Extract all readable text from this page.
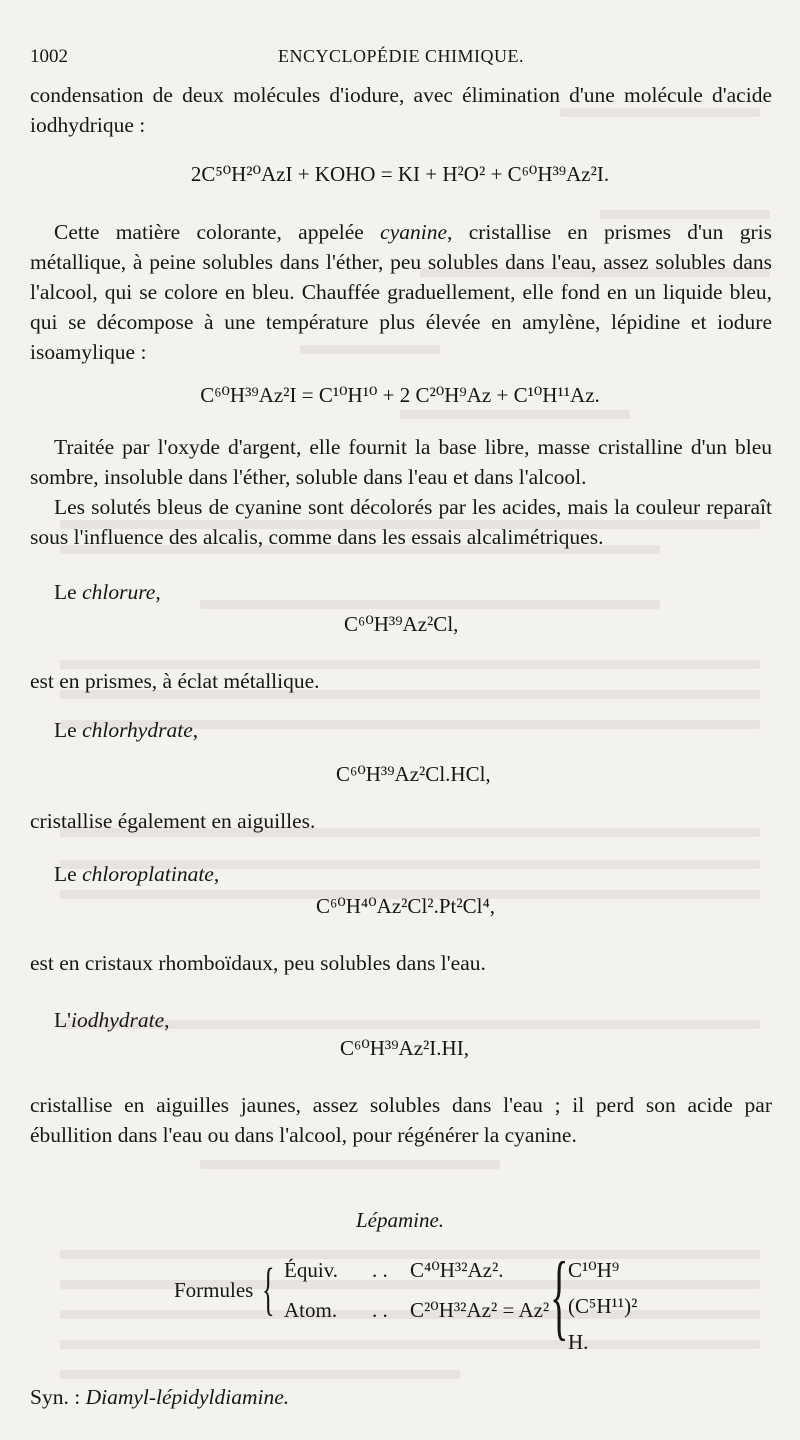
1002	ENCYCLOPÉDIE CHIMIQUE.

condensation de deux molécules d'iodure, avec élimination d'une molécule d'acide iodhydrique :

2C⁵⁰H²⁰AzI + KOHO = KI + H²O² + C⁶⁰H³⁹Az²I.

Cette matière colorante, appelée cyanine, cristallise en prismes d'un gris métallique, à peine solubles dans l'éther, peu solubles dans l'eau, assez solubles dans l'alcool, qui se colore en bleu. Chauffée graduellement, elle fond en un liquide bleu, qui se décompose à une température plus élevée en amylène, lépidine et iodure isoamylique :

C⁶⁰H³⁹Az²I = C¹⁰H¹⁰ + 2 C²⁰H⁹Az + C¹⁰H¹¹Az.

Traitée par l'oxyde d'argent, elle fournit la base libre, masse cristalline d'un bleu sombre, insoluble dans l'éther, soluble dans l'eau et dans l'alcool.

Les solutés bleus de cyanine sont décolorés par les acides, mais la couleur reparaît sous l'influence des alcalis, comme dans les essais alcalimétriques.

Le chlorure,

C⁶⁰H³⁹Az²Cl,

est en prismes, à éclat métallique.

Le chlorhydrate,

C⁶⁰H³⁹Az²Cl.HCl,

cristallise également en aiguilles.

Le chloroplatinate,

C⁶⁰H⁴⁰Az²Cl².Pt²Cl⁴,

est en cristaux rhomboïdaux, peu solubles dans l'eau.

L'iodhydrate,

C⁶⁰H³⁹Az²I.HI,

cristallise en aiguilles jaunes, assez solubles dans l'eau ; il perd son acide par ébullition dans l'eau ou dans l'alcool, pour régénérer la cyanine.

Lépamine.

Formules { Équiv. . . C⁴⁰H³²Az².
Atom. . . C²⁰H³²Az² = Az² { C¹⁰H⁹
(C⁵H¹¹)²
H.

Syn. : Diamyl-lépidyldiamine.
